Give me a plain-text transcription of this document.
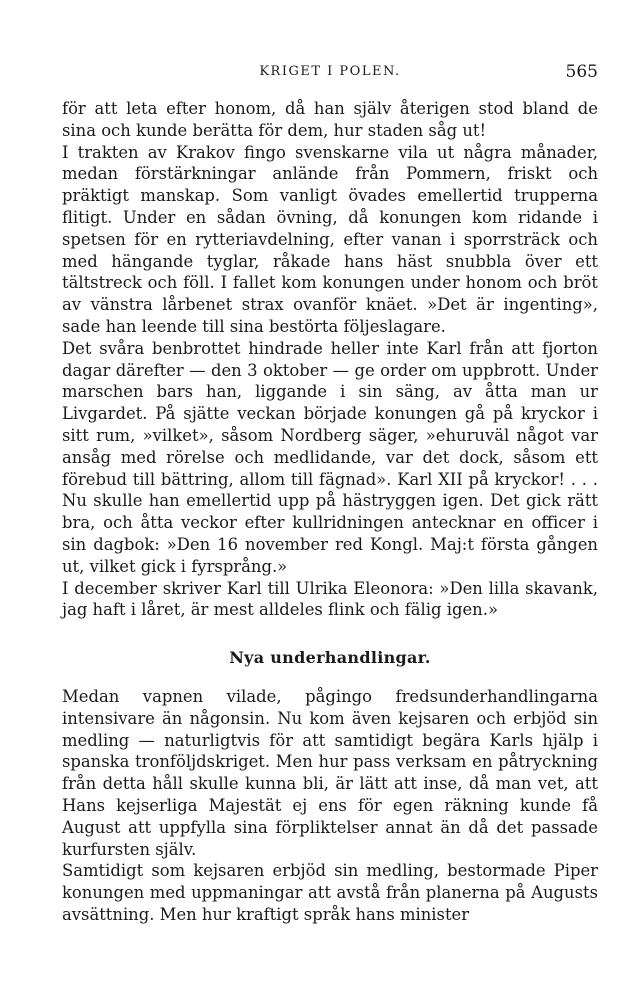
KRIGET I POLEN.	565

för att leta efter honom, då han själv återigen stod bland de sina och kunde berätta för dem, hur staden såg ut!

I trakten av Krakov fingo svenskarne vila ut några månader, medan förstärkningar anlände från Pommern, friskt och präktigt manskap. Som vanligt övades emellertid trupperna flitigt. Under en sådan övning, då konungen kom ridande i spetsen för en rytteriavdelning, efter vanan i sporrsträck och med hängande tyglar, råkade hans häst snubbla över ett tältstreck och föll. I fallet kom konungen under honom och bröt av vänstra lårbenet strax ovanför knäet. »Det är ingenting», sade han leende till sina bestörta följeslagare.

Det svåra benbrottet hindrade heller inte Karl från att fjorton dagar därefter — den 3 oktober — ge order om uppbrott. Under marschen bars han, liggande i sin säng, av åtta man ur Livgardet. På sjätte veckan började konungen gå på kryckor i sitt rum, »vilket», såsom Nordberg säger, »ehuruväl något var ansåg med rörelse och medlidande, var det dock, såsom ett förebud till bättring, allom till fägnad». Karl XII på kryckor! . . . Nu skulle han emellertid upp på hästryggen igen. Det gick rätt bra, och åtta veckor efter kullridningen antecknar en officer i sin dagbok: »Den 16 november red Kongl. Maj:t första gången ut, vilket gick i fyrsprång.»

I december skriver Karl till Ulrika Eleonora: »Den lilla skavank, jag haft i låret, är mest alldeles flink och fälig igen.»

Nya underhandlingar.

Medan vapnen vilade, pågingo fredsunderhandlingarna intensivare än någonsin. Nu kom även kejsaren och erbjöd sin medling — naturligtvis för att samtidigt begära Karls hjälp i spanska tronföljdskriget. Men hur pass verksam en påtryckning från detta håll skulle kunna bli, är lätt att inse, då man vet, att Hans kejserliga Majestät ej ens för egen räkning kunde få August att uppfylla sina förpliktelser annat än då det passade kurfursten själv.

Samtidigt som kejsaren erbjöd sin medling, bestormade Piper konungen med uppmaningar att avstå från planerna på Augusts avsättning. Men hur kraftigt språk hans minister
